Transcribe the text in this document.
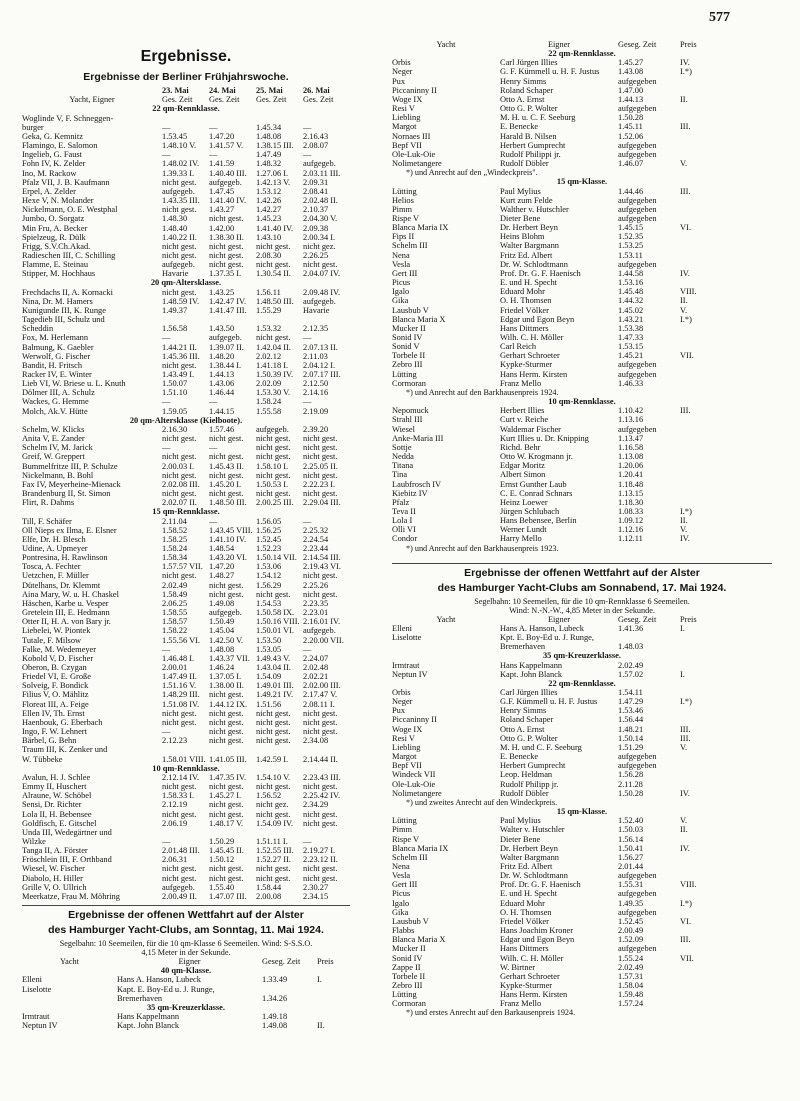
577
Ergebnisse.
Ergebnisse der Berliner Frühjahrswoche.
23. Mai	24. Mai	25. Mai	26. Mai
Yacht, Eigner	Ges. Zeit	Ges. Zeit	Ges. Zeit	Ges. Zeit
22 qm-Rennklasse.
Woglinde V, F. Schneggen-
burger	—	—	1.45.34	—
Geka, G. Kemnitz	1.53.45	1.47.20	1.48.08	2.16.43
Flamingo, E. Salomon	1.48.10 V.	1.41.57 V.	1.38.15 III.	2.08.07
Ingelieb, G. Faust	—	—	1.47.49	—
Fohn IV, K. Zelder	1.48.02 IV.	1.41.59	1.48.32	aufgegeb.
Ino, M. Rackow	1.39.33 I.	1.40.40 III.	1.27.06 I.	2.03.11 III.
Pfalz VII, J. B. Kaufmann	nicht gest.	aufgegeb.	1.42.13 V.	2.09.31
Erpel, A. Zelder	aufgegeb.	1.47.45	1.53.12	2.08.41
Hexe V, N. Molander	1.43.35 III.	1.41.40 IV.	1.42.26	2.02.48 II.
Nickelmann, O. E. Westphal	nicht gest.	1.43.27	1.42.27	2.10.37
Jumbo, O. Sorgatz	1.48.30	nicht gest.	1.45.23	2.04.30 V.
Min Fru, A. Becker	1.48.40	1.42.00	1.41.40 IV.	2.09.38
Spielzeug, R. Dülk	1.40.22 II.	1.38.30 II.	1.43.10	2.00.34 I.
Frigg, S.V.Ch.Akad.	nicht gest.	nicht gest.	nicht gest.	nicht gez.
Radieschen III, C. Schilling	nicht gest.	nicht gest.	2.08.30	2.26.25
Flamme, E. Steinau	aufgegeb.	nicht gest.	nicht gest.	nicht gest.
Stipper, M. Hochhaus	Havarie	1.37.35 I.	1.30.54 II.	2.04.07 IV.
20 qm-Altersklasse.
Frechdachs II, A. Kornacki	nicht gest.	1.43.25	1.56.11	2.09.48 IV.
Nina, Dr. M. Hamers	1.48.59 IV.	1.42.47 IV.	1.48.50 III.	aufgegeb.
Kunigunde III, K. Runge	1.49.37	1.41.47 III.	1.55.29	Havarie
Tagedieb III, Schulz und
Scheddin	1.56.58	1.43.50	1.53.32	2.12.35
Fox, M. Herlemann	—	aufgegeb.	nicht gest.	—
Balmung, K. Gaebler	1.44.21 II.	1.39.07 II.	1.42.04 II.	2.07.13 II.
Werwolf, G. Fischer	1.45.36 III.	1.48.20	2.02.12	2.11.03
Bandit, H. Fritsch	nicht gest.	1.38.44 I.	1.41.18 I.	2.04.12 I.
Racker IV, E. Winter	1.43.49 I.	1.44.13	1.50.39 IV.	2.07.17 III.
Lieb VI, W. Briese u. L. Knuth	1.50.07	1.43.06	2.02.09	2.12.50
Dölmer III, A. Schulz	1.51.10	1.46.44	1.53.30 V.	2.14.16
Wackes, G. Hemme	—	—	1.58.24	—
Molch, Ak.V. Hütte	1.59.05	1.44.15	1.55.58	2.19.09
20 qm-Altersklasse (Kielboote).
Schelm, W. Klicks	2.16.30	1.57.46	aufgegeb.	2.39.20
Anita V, E. Zander	nicht gest.	nicht gest.	nicht gest.	nicht gest.
Schelm IV, M. Jarick	—	—	nicht gest.	nicht gest.
Greif, W. Greppert	nicht gest.	nicht gest.	nicht gest.	nicht gest.
Bummelfritze III, P. Schulze	2.00.03 I.	1.45.43 II.	1.58.10 I.	2.25.05 II.
Nickelmann, B. Bohl	nicht gest.	nicht gest.	nicht gest.	nicht gest.
Fax IV, Meyerheine-Mienack	2.02.08 III.	1.45.20 I.	1.50.53 I.	2.22.23 I.
Brandenburg II, St. Simon	nicht gest.	nicht gest.	nicht gest.	nicht gest.
Flirt, R. Dahms	2.02.07 II.	1.48.50 III.	2.00.25 III.	2.29.04 III.
15 qm-Rennklasse.
Till, F. Schäfer	2.11.04	—	1.56.05	—
Oll Nieps ex Ilma, E. Elsner	1.58.52	1.43.45 VIII. 1.56.25	2.25.32
Elfe, Dr. H. Blesch	1.58.25	1.41.10 IV.	1.52.45	2.24.54
Udine, A. Upmeyer	1.58.24	1.48.54	1.52.23	2.23.44
Pontresina, H. Rawlinson	1.58.34	1.43.20 VI.	1.50.14 VII. 2.14.54 III.
Tosca, A. Fechter	1.57.57 VII. 1.47.20	1.53.06	2.19.43 VI.
Uetzchen, F. Müller	nicht gest.	1.48.27	1.54.12	nicht gest.
Dütelhans, Dr. Klemmt	2.02.49	nicht gest.	1.56.29	2.25.26
Aina Mary, W. u. H. Chaskel	1.58.49	nicht gest.	nicht gest.	nicht gest.
Häschen, Karbe u. Vesper	2.06.25	1.49.08	1.54.53	2.23.35
Gretelein III, E. Hedmann	1.58.55	aufgegeb.	1.50.58 IX.	2.23.01
Otter II, H. A. von Bary jr.	1.58.57	1.50.49	1.50.16 VIII. 2.16.01 IV.
Liebelei, W. Piontek	1.58.22	1.45.04	1.50.01 VI.	aufgegeb.
Tutale, F. Milsow	1.55.56 VI.	1.42.50 V.	1.53.50	2.20.00 VII.
Falke, M. Wedemeyer	—	1.48.08	1.53.05	—
Kobold V, D. Fischer	1.46.48 I.	1.43.37 VII. 1.49.43 V.	2.24.07
Oberon, B. Czygan	2.00.01	1.46.24	1.43.04 II.	2.02.48
Friedel VI, E. Große	1.47.49 II.	1.37.05 I.	1.54.09	2.02.21
Solveig, F. Bondick	1.51.16 V.	1.38.00 II.	1.49.01 III.	2.02.00 III.
Filius V, O. Mählitz	1.48.29 III.	nicht gest.	1.49.21 IV.	2.17.47 V.
Floreat III, A. Feige	1.51.08 IV.	1.44.12 IX.	1.51.56	2.08.11 I.
Ellen IV, Th. Ernst	nicht gest.	nicht gest.	nicht gest.	nicht gest.
Haenbouk, G. Eberbach	nicht gest.	nicht gest.	nicht gest.	nicht gest.
Ingo, F. W. Lehnert	—	nicht gest.	nicht gest.	nicht gest.
Bärbel, G. Behn	2.12.23	nicht gest.	nicht gest.	2.34.08
Traum III, K. Zenker und
W. Tübbeke	1.58.01 VIII. 1.41.05 III.	1.42.59 I.	2.14.44 II.
10 qm-Rennklasse.
Avalun, H. J. Schlee	2.12.14 IV.	1.47.35 IV.	1.54.10 V.	2.23.43 III.
Emmy II, Huschert	nicht gest.	nicht gest.	nicht gest.	nicht gest.
Alraune, W. Schöbel	1.58.33 I.	1.45.27 I.	1.56.52	2.25.42 IV.
Sensi, Dr. Richter	2.12.19	nicht gest.	nicht gez.	2.34.29
Lola II, H. Bebensee	nicht gest.	nicht gest.	nicht gest.	nicht gest.
Goldfisch, E. Gitschel	2.06.19	1.48.17 V.	1.54.09 IV.	nicht gest.
Unda III, Wedegärtner und
Wilzke	—	1.50.29	1.51.11 I.	—
Tanga II, A. Förster	2.01.48 III.	1.45.45 II.	1.52.55 III.	2.19.27 I.
Fröschlein III, F. Orthband	2.06.31	1.50.12	1.52.27 II.	2.23.12 II.
Wiesel, W. Fischer	nicht gest.	nicht gest.	nicht gest.	nicht gest.
Diabolo, H. Hiller	nicht gest.	nicht gest.	nicht gest.	nicht gest.
Grille V, O. Ullrich	aufgegeb.	1.55.40	1.58.44	2.30.27
Meerkatze, Frau M. Möhring	2.00.49 II.	1.47.07 III.	2.00.08	2.34.15
Ergebnisse der offenen Wettfahrt auf der Alster
des Hamburger Yacht-Clubs, am Sonntag, 11. Mai 1924.
Segelbahn: 10 Seemeilen, für die 10 qm-Klasse 6 Seemeilen. Wind: S-S.S.O.
4,15 Meter in der Sekunde.
Yacht	Eigner	Geseg. Zeit	Preis
40 qm-Klasse.
Elleni	Hans A. Hanson, Lubeck	1.33.49	I.
Liselotte	Kapt. E. Boy-Ed u. J. Runge,
Bremerhaven	1.34.26
35 qm-Kreuzerklasse.
Irmtraut	Hans Kappelmann	1.49.18
Neptun IV	Kapt. John Blanck	1.49.08	II.
Yacht	Eigner	Geseg. Zeit	Preis
22 qm-Rennklasse.
Orbis	Carl Jürgen Illies	1.45.27	IV.
Neger	G. F. Kümmell u. H. F. Justus	1.43.08	I.*)
Pux	Henry Simms	aufgegeben
Piccaninny II	Roland Schaper	1.47.00
Woge IX	Otto A. Ernst	1.44.13	II.
Resi V	Otto G. P. Wolter	aufgegeben
Liebling	M. H. u. C. F. Seeburg	1.50.28
Margot	E. Benecke	1.45.11	III.
Nornaes III	Harald B. Nilsen	1.52.06
Bepf VII	Herbert Gumprecht	aufgegeben
Ole-Luk-Oie	Rudolf Philippi jr.	aufgegeben
Nolimetangere	Rudolf Döbler	1.46.07	V.
*) und Anrecht auf den „Windeckpreis".
15 qm-Klasse.
Lütting	Paul Mylius	1.44.46	III.
Helios	Kurt zum Felde	aufgegeben
Pimm	Walther v. Hutschler	aufgegeben
Rispe V	Dieter Bene	aufgegeben
Blanca Maria IX	Dr. Herbert Beyn	1.45.15	VI.
Fips II	Heins Blohm	1.52.35
Schelm III	Walter Bargmann	1.53.25
Nena	Fritz Ed. Albert	1.53.11
Vesla	Dr. W. Schlodtmann	aufgegeben
Gert III	Prof. Dr. G. F. Haenisch	1.44.58	IV.
Picus	E. und H. Specht	1.53.16
Igalo	Eduard Mohr	1.45.48	VIII.
Gika	O. H. Thomsen	1.44.32	II.
Lausbub V	Friedel Völker	1.45.02	V.
Blanca Maria X	Edgar und Egon Beyn	1.43.21	I.*)
Mucker II	Hans Dittmers	1.53.38
Sonid IV	Wilh. C. H. Möller	1.47.33
Sonid V	Carl Reich	1.53.15
Torbele II	Gerhart Schroeter	1.45.21	VII.
Zebro III	Kypke-Sturmer	aufgegeben
Lütting	Hans Herm. Kirsten	aufgegeben
Cormoran	Franz Mello	1.46.33
*) und Anrecht auf den Barkhausenpreis 1924.
10 qm-Rennklasse.
Nepomuck	Herbert Illies	1.10.42	III.
Strahl III	Curt v. Reiche	1.13.16
Wiesel	Waldemar Fischer	aufgegeben
Anke-Maria III	Kurt Illies u. Dr. Knipping	1.13.47
Sottje	Richd. Behr	1.16.58
Nedda	Otto W. Krogmann jr.	1.13.08
Titana	Edgar Moritz	1.20.06
Tina	Albert Simon	1.20.41
Laubfrosch IV	Ernst Gunther Laub	1.18.48
Kiebitz IV	C. E. Conrad Schnars	1.13.15
Pfalz	Heinz Loewer	1.18.30
Teva II	Jürgen Schlubach	1.08.33	I.*)
Lola I	Hans Bebensee, Berlin	1.09.12	II.
Olli VI	Werner Lundt	1.12.16	V.
Condor	Harry Mello	1.12.11	IV.
*) und Anrecht auf den Barkhausenpreis 1923.
Ergebnisse der offenen Wettfahrt auf der Alster
des Hamburger Yacht-Clubs am Sonnabend, 17. Mai 1924.
Segelbahn: 10 Seemeilen, für die 10 qm-Rennklasse 6 Seemeilen.
Wind: N.-N.-W., 4,85 Meter in der Sekunde.
Yacht	Eigner	Geseg. Zeit	Preis
Elleni	Hans A. Hanson, Lubeck	1.41.36	I.
Liselotte	Kpt. E. Boy-Ed u. J. Runge,
Bremerhaven	1.48.03
35 qm-Kreuzerklasse.
Irmtraut	Hans Kappelmann	2.02.49
Neptun IV	Kapt. John Blanck	1.57.02	I.
22 qm-Rennklasse.
Orbis	Carl Jürgen Illies	1.54.11
Neger	G.F. Kümmell u. H. F. Justus	1.47.29	I.*)
Pux	Henry Simms	1.53.46
Piccaninny II	Roland Schaper	1.56.44
Woge IX	Otto A. Ernst	1.48.21	III.
Resi V	Otto G. P. Wolter	1.50.14	III.
Liebling	M. H. und C. F. Seeburg	1.51.29	V.
Margot	E. Benecke	aufgegeben
Bepf VII	Herbert Gumprecht	aufgegeben
Windeck VII	Leop. Heldman	1.56.28
Ole-Luk-Oie	Rudolf Philipp jr.	2.11.28
Nolimetangere	Rudolf Döbler	1.50.28	IV.
*) und zweites Anrecht auf den Windeckpreis.
15 qm-Klasse.
Lütting	Paul Mylius	1.52.40	V.
Pimm	Walter v. Hutschler	1.50.03	II.
Rispe V	Dieter Bene	1.56.14
Blanca Maria IX	Dr. Herbert Beyn	1.50.41	IV.
Schelm III	Walter Bargmann	1.56.27
Nena	Fritz Ed. Albert	2.01.44
Vesla	Dr. W. Schlodtmann	aufgegeben
Gert III	Prof. Dr. G. F. Haenisch	1.55.31	VIII.
Picus	E. und H. Specht	aufgegeben
Igalo	Eduard Mohr	1.49.35	I.*)
Gika	O. H. Thomsen	aufgegeben
Lausbub V	Friedel Völker	1.52.45	VI.
Flabbs	Hans Joachim Kroner	2.00.49
Blanca Maria X	Edgar und Egon Beyn	1.52.09	III.
Mucker II	Hans Dittmers	aufgegeben
Sonid IV	Wilh. C. H. Möller	1.55.24	VII.
Zappe II	W. Birtner	2.02.49
Torbele II	Gerhart Schroeter	1.57.31
Zebro III	Kypke-Sturmer	1.58.04
Lütting	Hans Herm. Kirsten	1.59.48
Cormoran	Franz Mello	1.57.24
*) und erstes Anrecht auf den Barkausenpreis 1924.
